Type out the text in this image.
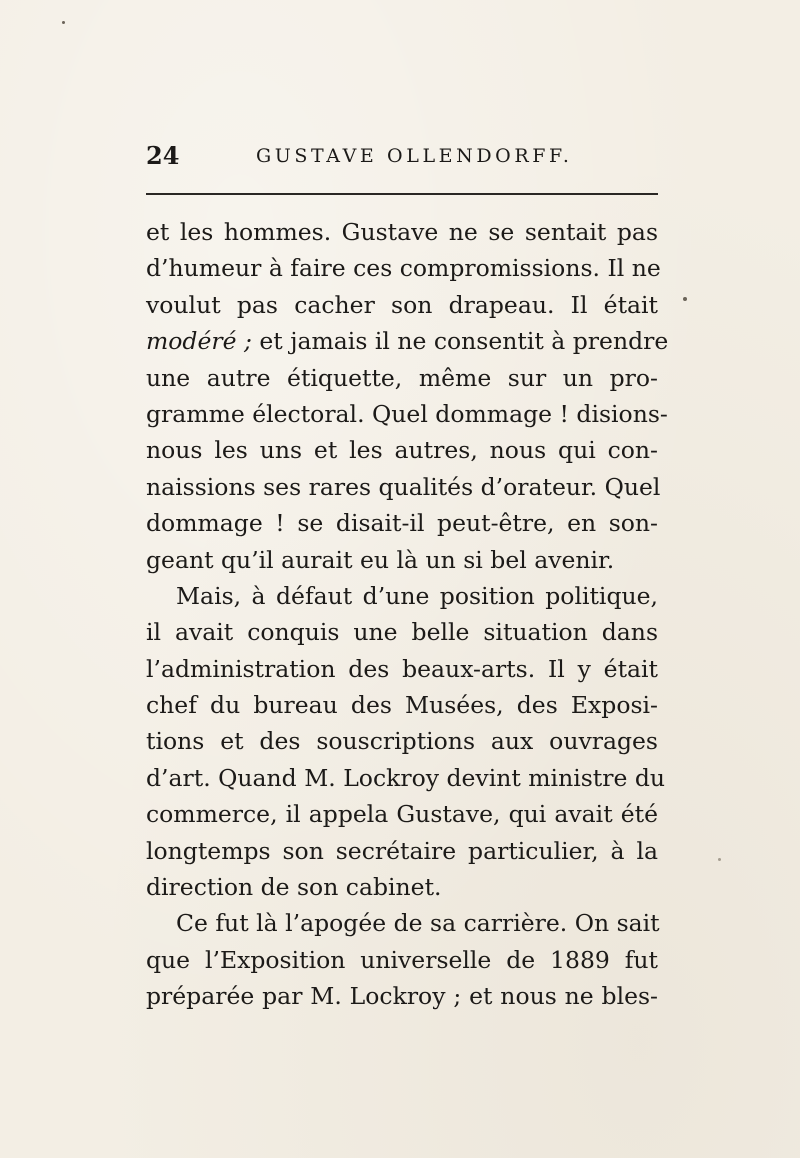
24	GUSTAVE OLLENDORFF.
et les hommes. Gustave ne se sentait pas
d’humeur à faire ces compromissions. Il ne
voulut pas cacher son drapeau. Il était
modéré ; et jamais il ne consentit à prendre
une autre étiquette, même sur un pro-
gramme électoral. Quel dommage ! disions-
nous les uns et les autres, nous qui con-
naissions ses rares qualités d’orateur. Quel
dommage ! se disait-il peut-être, en son-
geant qu’il aurait eu là un si bel avenir.
Mais, à défaut d’une position politique,
il avait conquis une belle situation dans
l’administration des beaux-arts. Il y était
chef du bureau des Musées, des Exposi-
tions et des souscriptions aux ouvrages
d’art. Quand M. Lockroy devint ministre du
commerce, il appela Gustave, qui avait été
longtemps son secrétaire particulier, à la
direction de son cabinet.
Ce fut là l’apogée de sa carrière. On sait
que l’Exposition universelle de 1889 fut
préparée par M. Lockroy ; et nous ne bles-
